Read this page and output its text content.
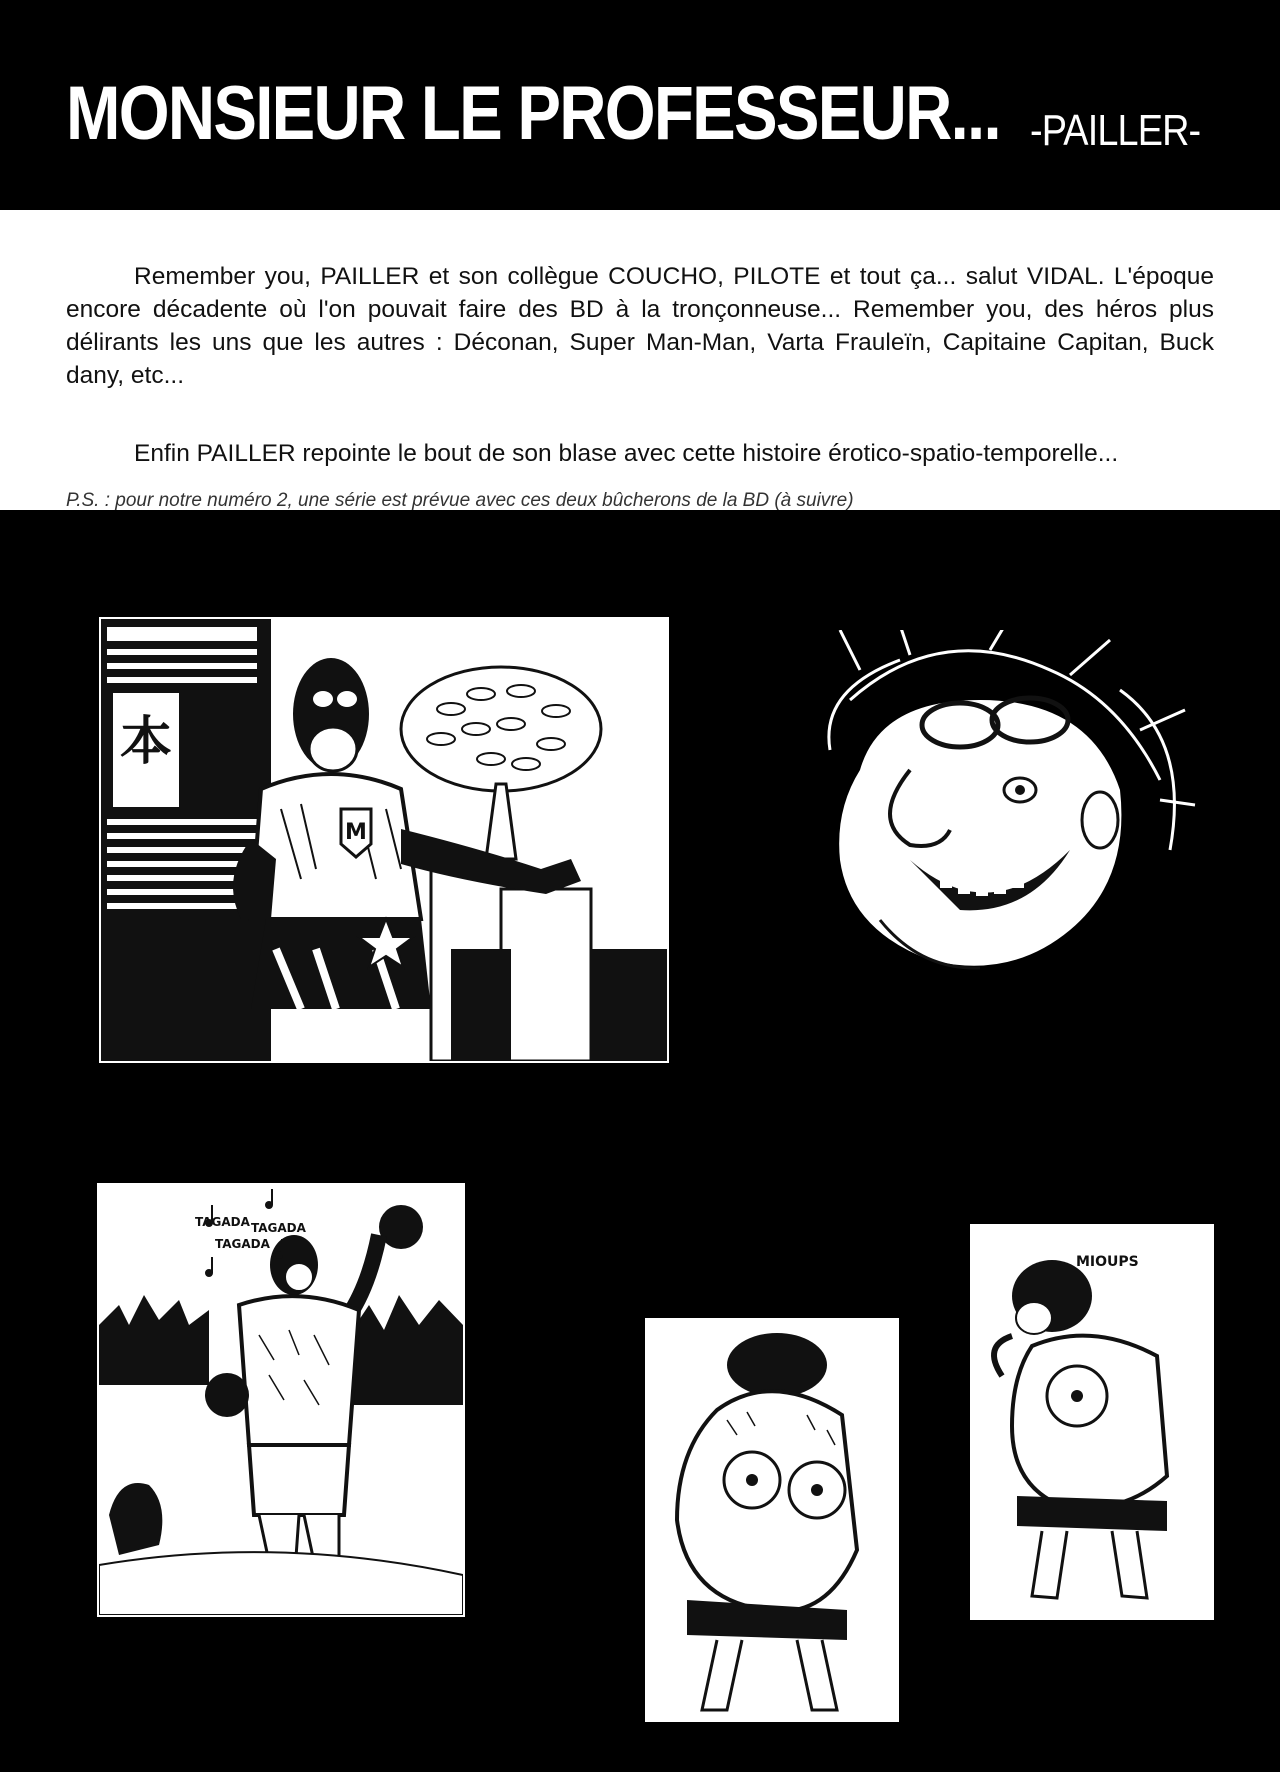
MONSIEUR LE PROFESSEUR... -PAILLER-

Remember you, PAILLER et son collègue COUCHO, PILOTE et tout ça... salut VIDAL. L'époque encore décadente où l'on pouvait faire des BD à la tronçonneuse... Remember you, des héros plus délirants les uns que les autres : Déconan, Super Man-Man, Varta Frauleïn, Capitaine Capitan, Buck dany, etc...

Enfin PAILLER repointe le bout de son blase avec cette histoire érotico-spatio-temporelle...

P.S. : pour notre numéro 2, une série est prévue avec ces deux bûcherons de la BD (à suivre)

本
M
TAGADA TAGADA
TAGADA
MIOUPS
